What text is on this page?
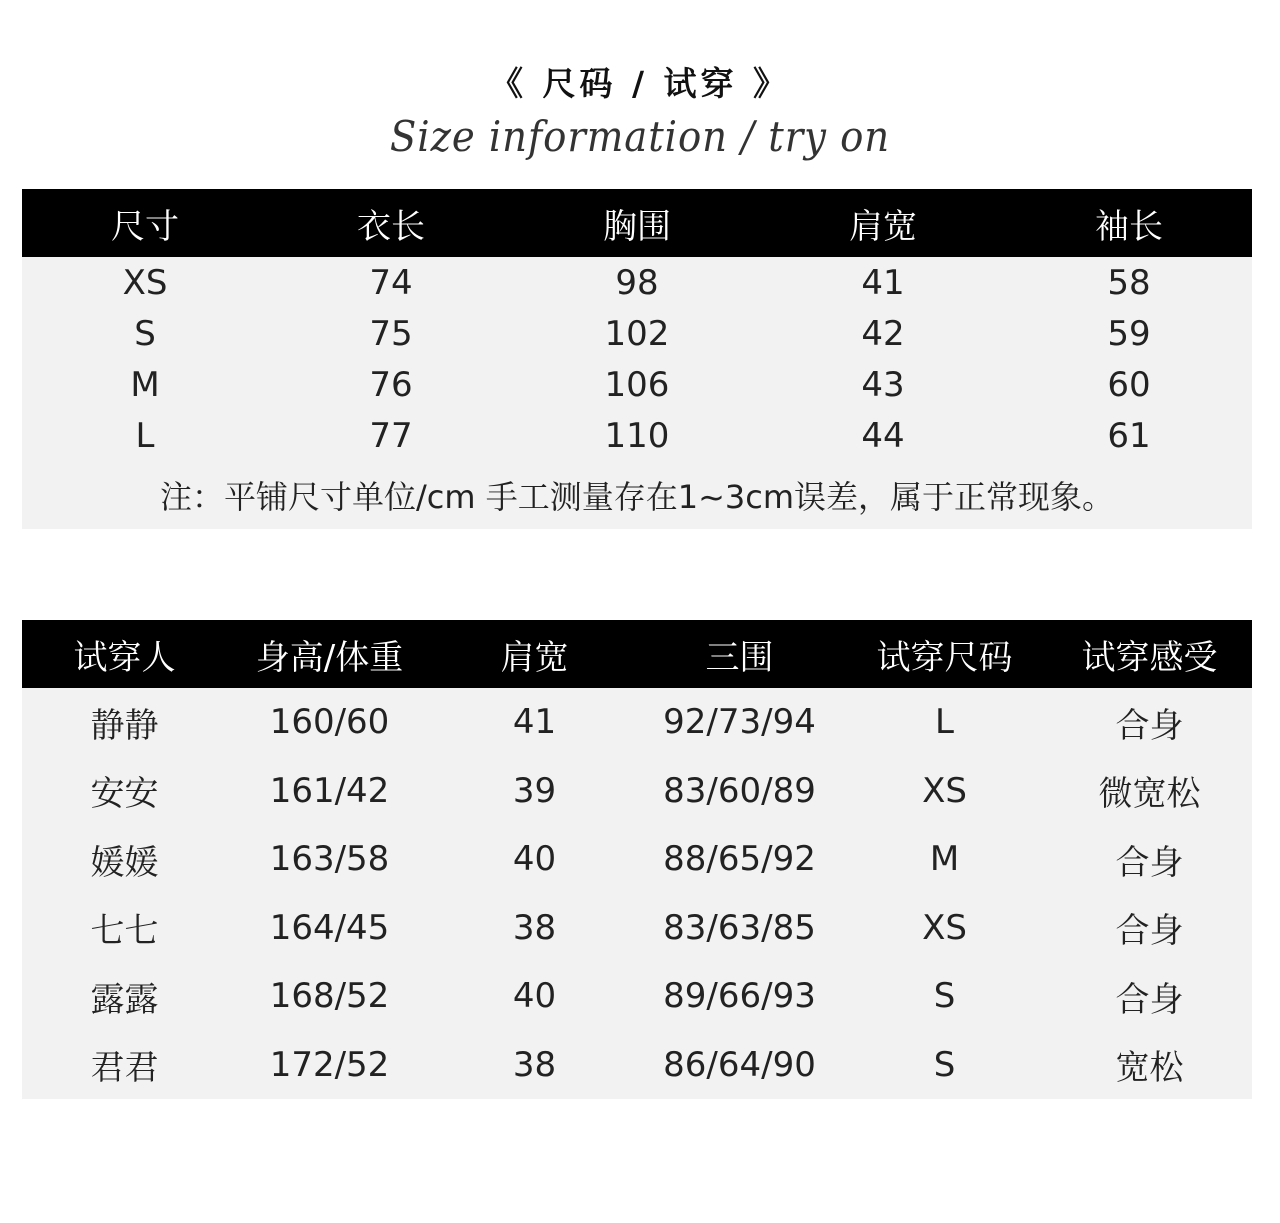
《 尺码 / 试穿 》
Size information / try on
尺寸	衣长	胸围	肩宽	袖长
XS	74	98	41	58
S	75	102	42	59
M	76	106	43	60
L	77	110	44	61
注：平铺尺寸单位/cm 手工测量存在1~3cm误差，属于正常现象。				
试穿人	身高/体重	肩宽	三围	试穿尺码	试穿感受
静静	160/60	41	92/73/94	L	合身
安安	161/42	39	83/60/89	XS	微宽松
媛媛	163/58	40	88/65/92	M	合身
七七	164/45	38	83/63/85	XS	合身
露露	168/52	40	89/66/93	S	合身
君君	172/52	38	86/64/90	S	宽松
